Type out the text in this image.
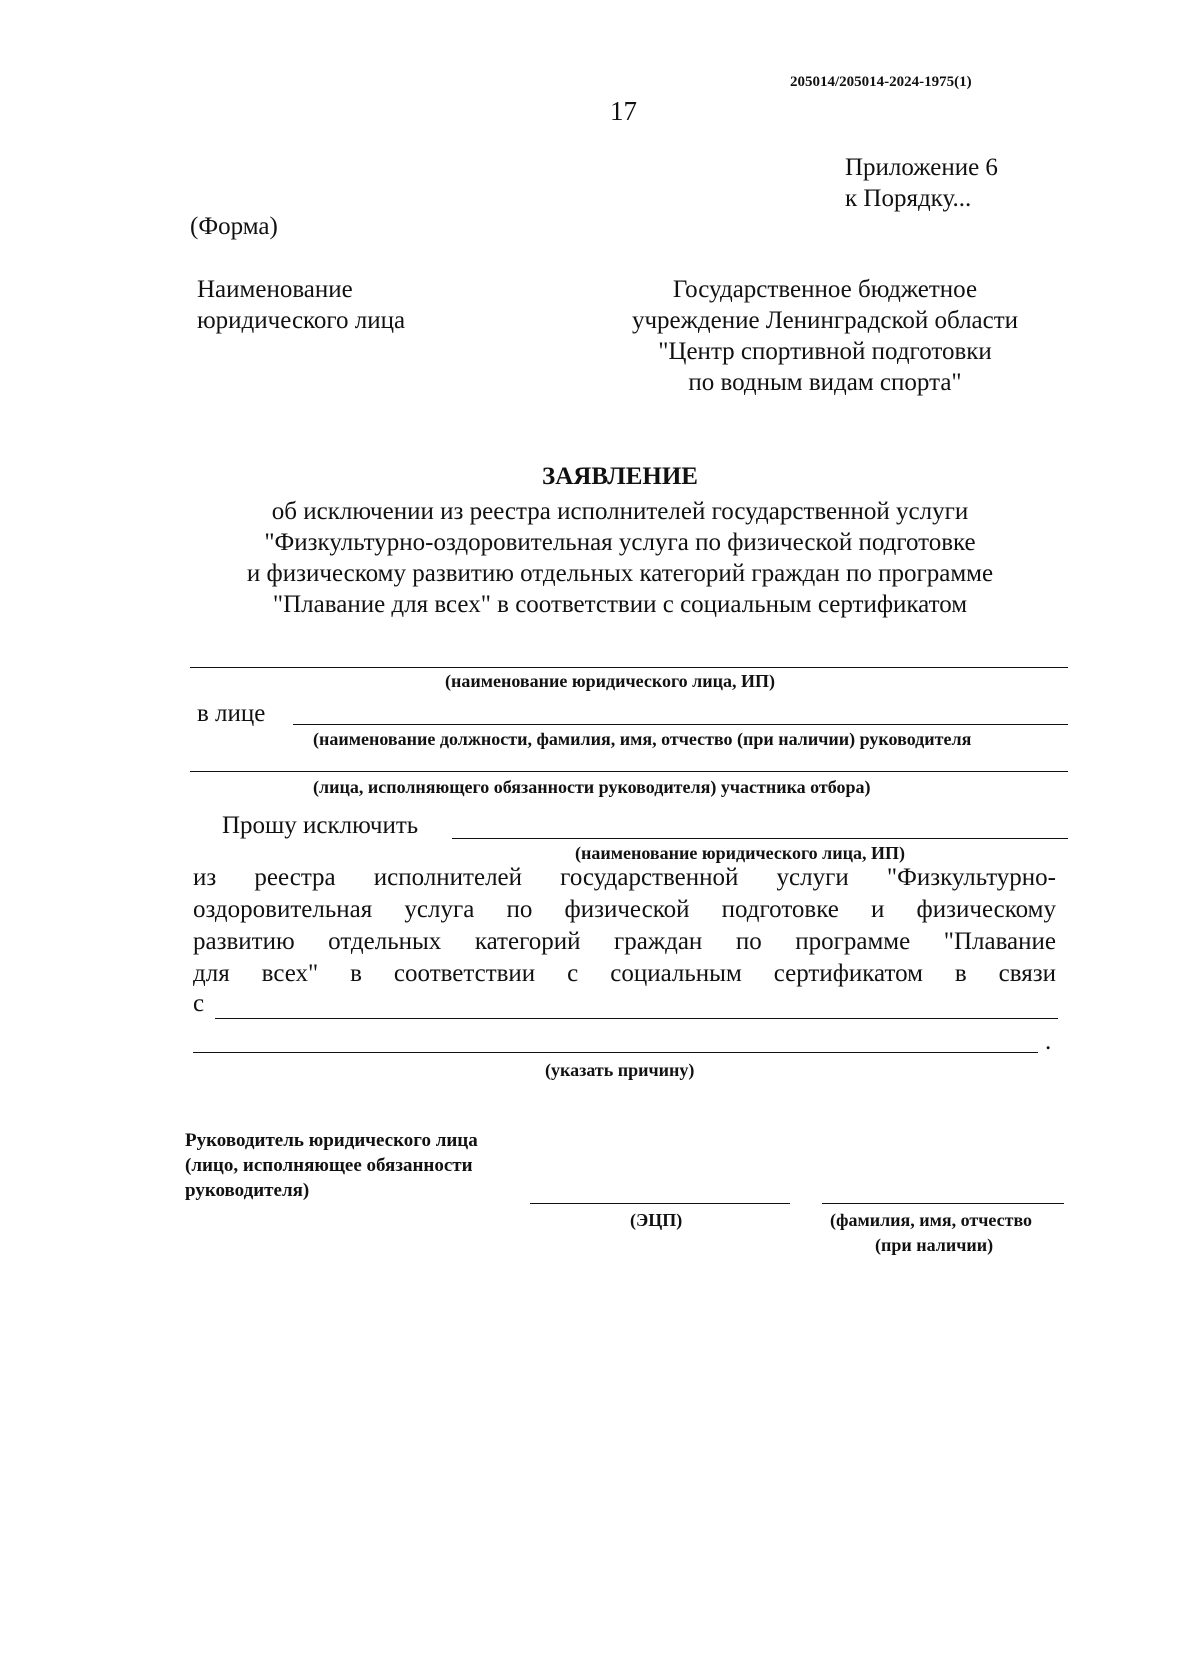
205014/205014-2024-1975(1)
17
Приложение 6
к Порядку...
(Форма)
Наименование
юридического лица
Государственное бюджетное
учреждение Ленинградской области
"Центр спортивной подготовки
по водным видам спорта"
ЗАЯВЛЕНИЕ
об исключении из реестра исполнителей государственной услуги
"Физкультурно-оздоровительная услуга по физической подготовке
и физическому развитию отдельных категорий граждан по программе
"Плавание для всех" в соответствии с социальным сертификатом
(наименование юридического лица, ИП)
в лице
(наименование должности, фамилия, имя, отчество (при наличии) руководителя
(лица, исполняющего обязанности руководителя) участника отбора)
Прошу исключить
(наименование юридического лица, ИП)
из реестра исполнителей государственной услуги "Физкультурно-
оздоровительная услуга по физической подготовке и физическому
развитию отдельных категорий граждан по программе "Плавание
для всех" в соответствии с социальным сертификатом в связи
с
.
(указать причину)
Руководитель юридического лица
(лицо, исполняющее обязанности
руководителя)
(ЭЦП)	(фамилия, имя, отчество
(при наличии)
